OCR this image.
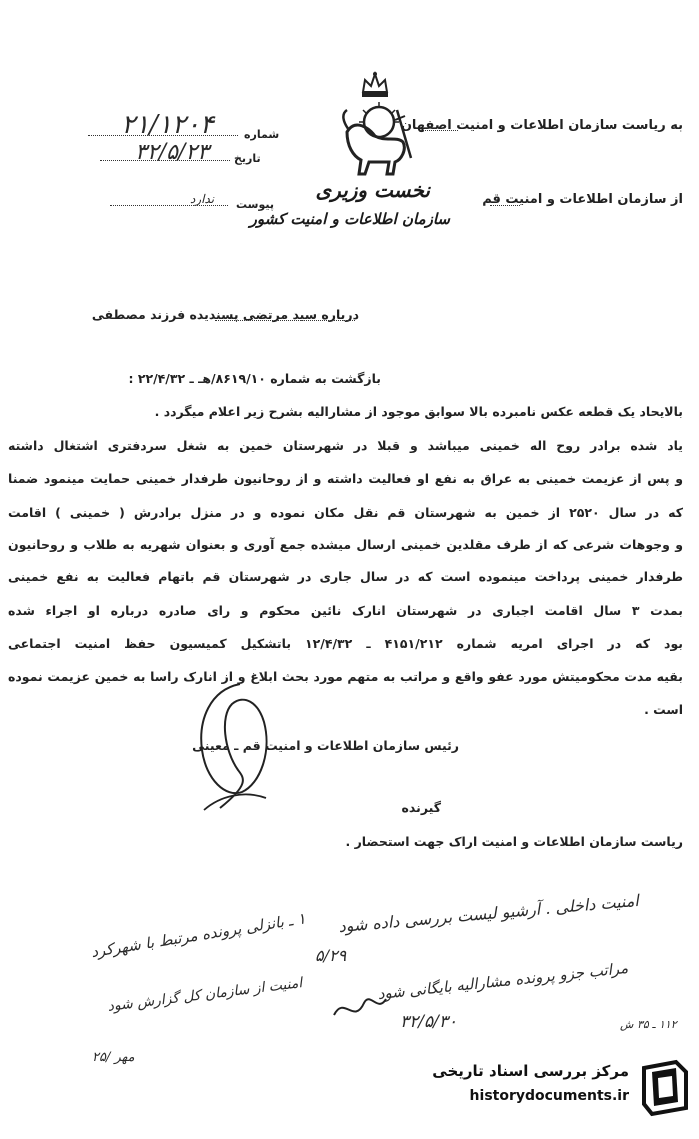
به ریاست سازمان اطلاعات و امنیت اصفهان
از سازمان اطلاعات و امنیت قم
نخست وزیری
سازمان اطلاعات و امنیت کشور
شماره
۲۱/۱۲۰۴
تاریخ
۳۲/۵/۲۳
پیوست
ندارد
درباره سید مرتضی پسندیده فرزند مصطفی
بازگشت به شماره ۸۶۱۹/۱۰/هـ ـ ۲۲/۴/۳۲ :
بالایحاد یک قطعه عکس نامبرده بالا سوابق موجود از مشارالیه بشرح زیر اعلام میگردد .
یاد شده برادر روح اله خمینی میباشد و قبلا در شهرستان خمین به شغل سردفتری اشتغال داشته
و پس از عزیمت خمینی به عراق به نفع او فعالیت داشته و از روحانیون طرفدار خمینی حمایت مینمود ضمنا
که در سال ۲۵۲۰ از خمین به شهرستان قم نقل مکان نموده و در منزل برادرش ( خمینی ) اقامت
و وجوهات شرعی که از طرف مقلدین خمینی ارسال میشده جمع آوری و بعنوان شهریه به طلاب و روحانیون
طرفدار خمینی پرداخت مینموده است که در سال جاری در شهرستان قم باتهام فعالیت به نفع خمینی
بمدت ۳ سال اقامت اجباری در شهرستان انارک نائین محکوم و رای صادره درباره او اجراء شده
بود که در اجرای امریه شماره ۴۱۵۱/۲۱۲ ـ ۱۲/۴/۳۲ باتشکیل کمیسیون حفظ امنیت اجتماعی
بقیه مدت محکومیتش مورد عفو واقع و مراتب به متهم مورد بحث ابلاغ و از انارک راسا به خمین عزیمت نموده
است .
رئیس سازمان اطلاعات و امنیت قم ـ معینی
گیرنده
ریاست سازمان اطلاعات و امنیت اراک جهت استحضار .
امنیت داخلی . آرشیو لیست بررسی داده شود
۵/۲۹
مراتب جزو پرونده مشارالیه بایگانی شود
۳۲/۵/۳۰
۱ ـ بانزلی پرونده مرتبط با شهرکرد
امنیت از سازمان کل گزارش شود
۲۵/ مهر
۱۱۲ ـ ۳۵ ش
مرکز بررسی اسناد تاریخی
historydocuments.ir
